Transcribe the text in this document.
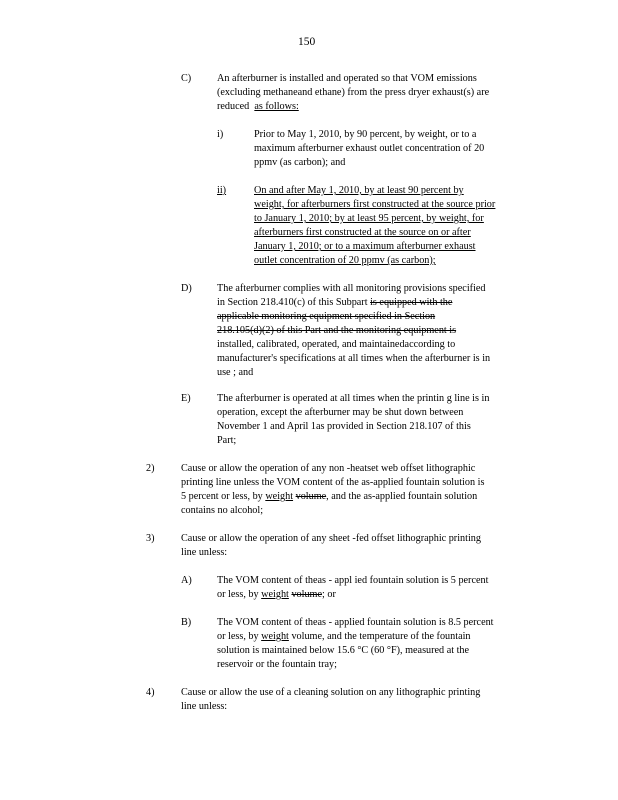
150
C)	An afterburner is installed and operated so that VOM emissions
(excluding methaneand ethane) from the press dryer exhaust(s) are
reduced as follows:
i)	Prior to May 1, 2010, by 90 percent, by weight, or to a
maximum afterburner exhaust outlet concentration of 20
ppmv (as carbon); and
ii)	On and after May 1, 2010, by at least 90 percent by
weight, for afterburners first constructed at the source prior
to January 1, 2010; by at least 95 percent, by weight, for
afterburners first constructed at the source on or after
January 1, 2010; or to a maximum afterburner exhaust
outlet concentration of 20 ppmv (as carbon);
D) The afterburner complies with all monitoring provisions specified
in Section 218.410(c) of this Subpart is equipped with the
applicable monitoring equipment specified in Section
218.105(d)(2) of this Part and the monitoring equipment is
installed, calibrated, operated, and maintainedaccording to
manufacturer's specifications at all times when the afterburner is in
use ; and
E)	The afterburner is operated at all times when the printin g line is in
operation, except the afterburner may be shut down between
November 1 and April 1as provided in Section 218.107 of this
Part;
2)	Cause or allow the operation of any non -heatset web offset lithographic
printing line unless the VOM content of the as-applied fountain solution is
5 percent or less, by weight volume, and the as-applied fountain solution
contains no alcohol;
3)	Cause or allow the operation of any sheet -fed offset lithographic printing
line unless:
A) The VOM content of theas - appl ied fountain solution is 5 percent
or less, by weight volume; or
B)	The VOM content of theas - applied fountain solution is 8.5 percent
or less, by weight volume, and the temperature of the fountain
solution is maintained below 15.6 °C (60 °F), measured at the
reservoir or the fountain tray;
4)	Cause or allow the use of a cleaning solution on any lithographic printing
line unless:
